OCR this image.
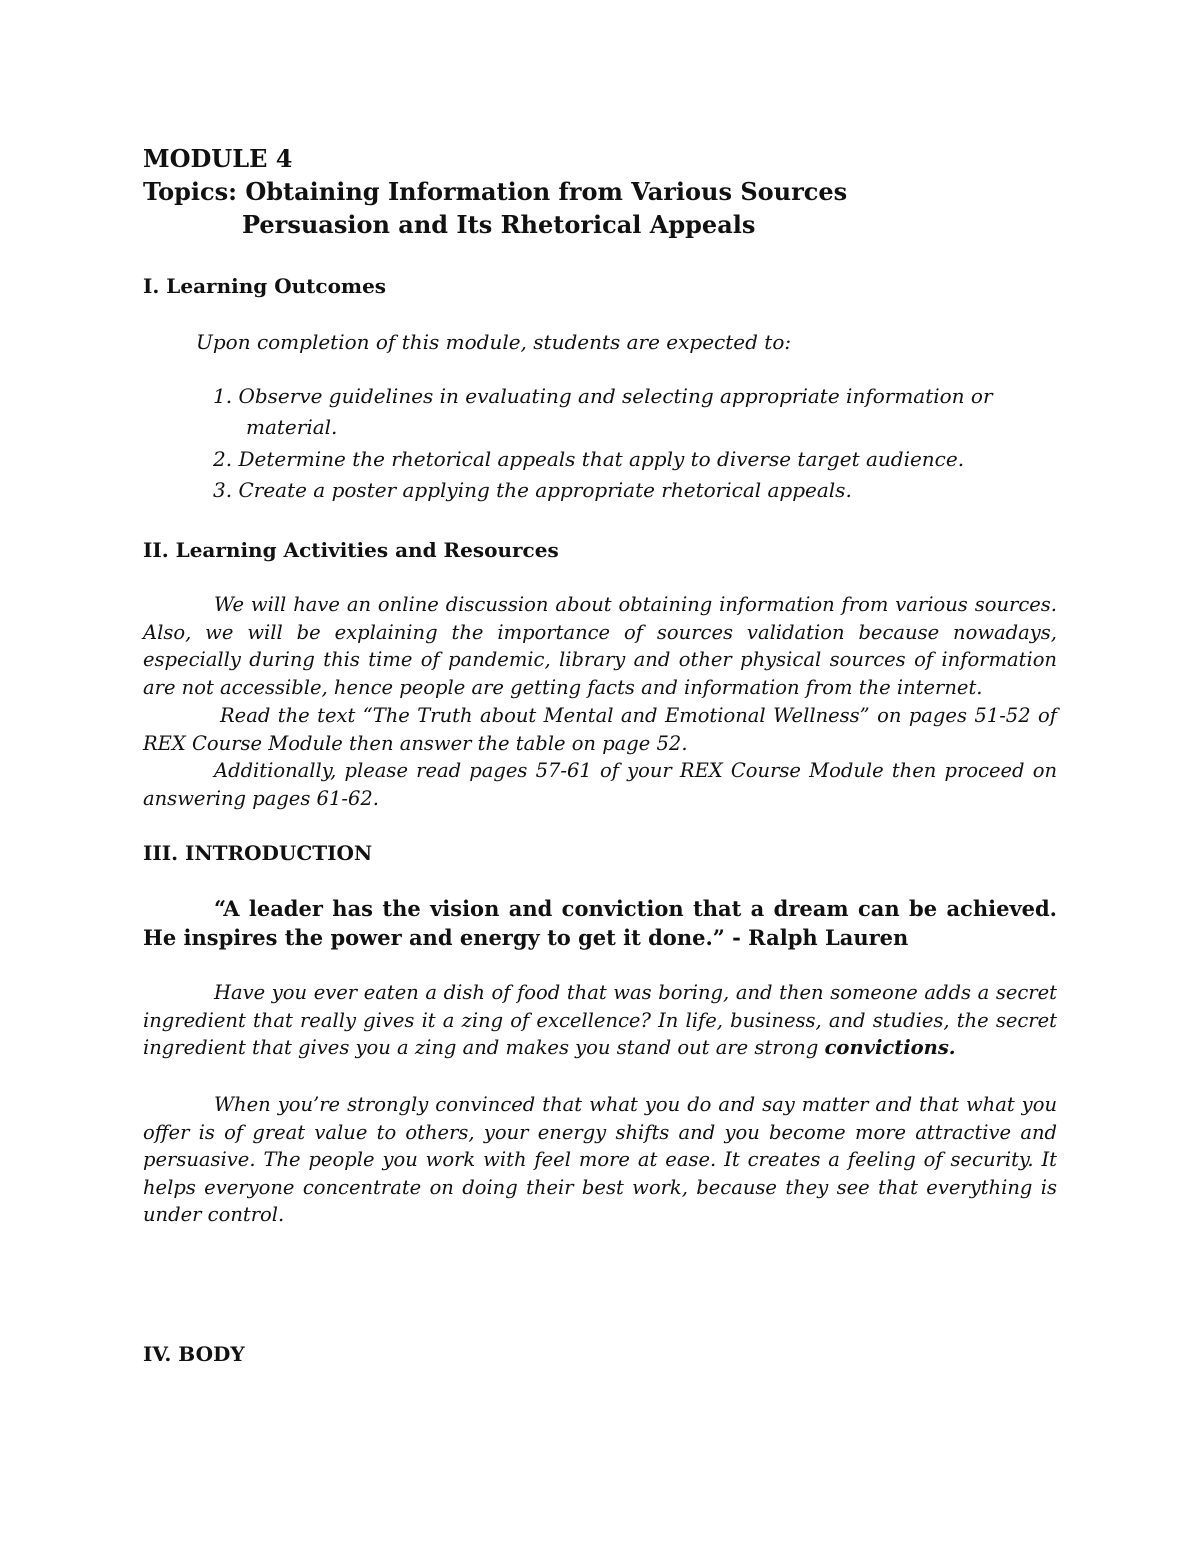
MODULE 4

Topics: Obtaining Information from Various Sources

Persuasion and Its Rhetorical Appeals

I. Learning Outcomes

Upon completion of this module, students are expected to:

1. Observe guidelines in evaluating and selecting appropriate information or

material.

2. Determine the rhetorical appeals that apply to diverse target audience.

3. Create a poster applying the appropriate rhetorical appeals.

II. Learning Activities and Resources

We will have an online discussion about obtaining information from various sources. Also, we will be explaining the importance of sources validation because nowadays, especially during this time of pandemic, library and other physical sources of information are not accessible, hence people are getting facts and information from the internet.

Read the text “The Truth about Mental and Emotional Wellness” on pages 51-52 of REX Course Module then answer the table on page 52.

Additionally, please read pages 57-61 of your REX Course Module then proceed on answering pages 61-62.

III. INTRODUCTION

“A leader has the vision and conviction that a dream can be achieved. He inspires the power and energy to get it done.” - Ralph Lauren

Have you ever eaten a dish of food that was boring, and then someone adds a secret ingredient that really gives it a zing of excellence? In life, business, and studies, the secret ingredient that gives you a zing and makes you stand out are strong convictions.

When you’re strongly convinced that what you do and say matter and that what you offer is of great value to others, your energy shifts and you become more attractive and persuasive. The people you work with feel more at ease. It creates a feeling of security. It helps everyone concentrate on doing their best work, because they see that everything is under control.

IV. BODY
